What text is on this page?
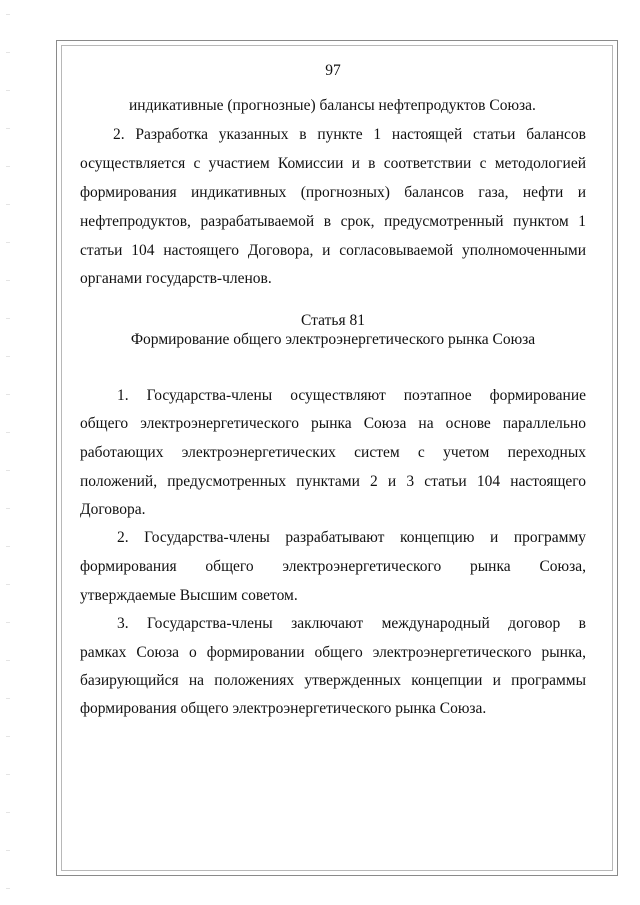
97
индикативные (прогнозные) балансы нефтепродуктов Союза.
2. Разработка указанных в пункте 1 настоящей статьи балансов
осуществляется с участием Комиссии и в соответствии с методологией
формирования индикативных (прогнозных) балансов газа, нефти и
нефтепродуктов, разрабатываемой в срок, предусмотренный пунктом 1
статьи 104 настоящего Договора, и согласовываемой уполномоченными
органами государств-членов.
Статья 81
Формирование общего электроэнергетического рынка Союза
1. Государства-члены осуществляют поэтапное формирование
общего электроэнергетического рынка Союза на основе параллельно
работающих электроэнергетических систем с учетом переходных
положений, предусмотренных пунктами 2 и 3 статьи 104 настоящего
Договора.
2. Государства-члены разрабатывают концепцию и программу
формирования общего электроэнергетического рынка Союза,
утверждаемые Высшим советом.
3. Государства-члены заключают международный договор в
рамках Союза о формировании общего электроэнергетического рынка,
базирующийся на положениях утвержденных концепции и программы
формирования общего электроэнергетического рынка Союза.
